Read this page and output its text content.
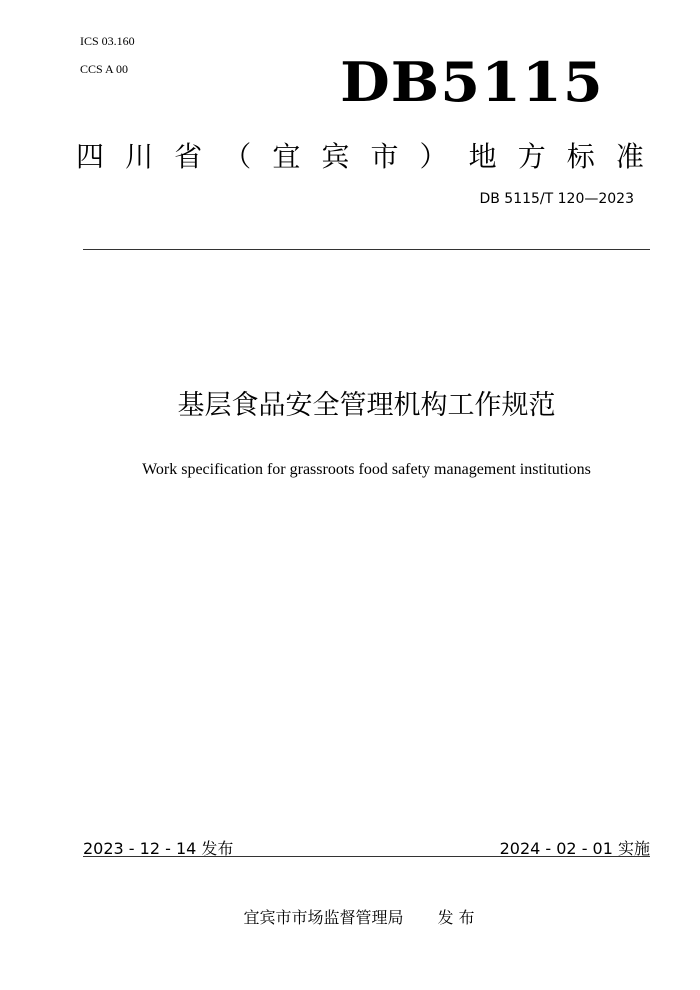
ICS 03.160
CCS A 00	DB5115
四 川 省 （ 宜 宾 市 ） 地 方 标 准
DB 5115/T 120—2023
基层食品安全管理机构工作规范
Work specification for grassroots food safety management institutions
2023 - 12 - 14 发布	2024 - 02 - 01 实施
宜宾市市场监督管理局 发 布
